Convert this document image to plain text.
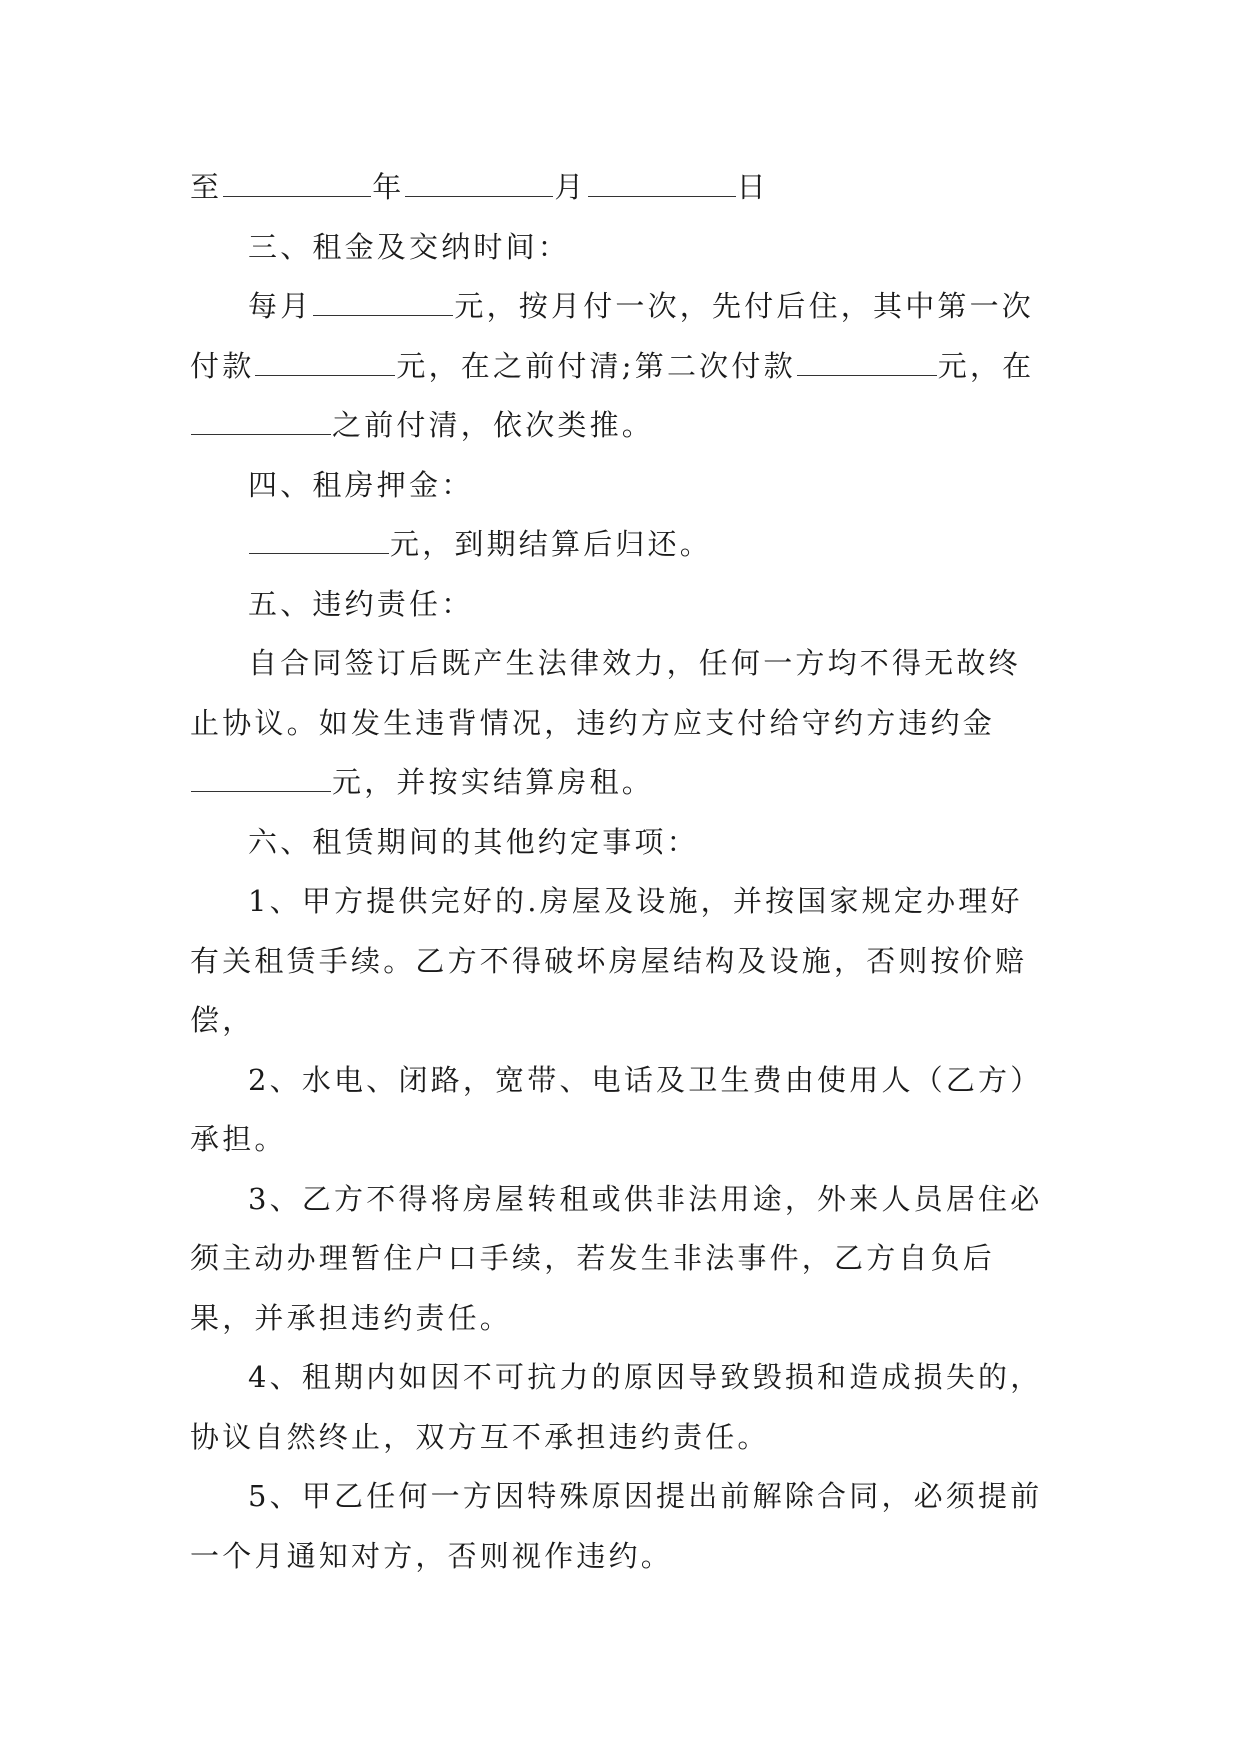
至	年	月	日

三、租金及交纳时间：

每月	元，按月付一次，先付后住，其中第一次付款	元，在之前付清;第二次付款	元，在之前付清，依次类推。

四、租房押金：

元，到期结算后归还。

五、违约责任：

自合同签订后既产生法律效力，任何一方均不得无故终止协议。如发生违背情况，违约方应支付给守约方违约金元，并按实结算房租。

六、租赁期间的其他约定事项：

1、甲方提供完好的.房屋及设施，并按国家规定办理好有关租赁手续。乙方不得破坏房屋结构及设施，否则按价赔偿，

2、水电、闭路，宽带、电话及卫生费由使用人（乙方）承担。

3、乙方不得将房屋转租或供非法用途，外来人员居住必须主动办理暂住户口手续，若发生非法事件，乙方自负后果，并承担违约责任。

4、租期内如因不可抗力的原因导致毁损和造成损失的，协议自然终止，双方互不承担违约责任。

5、甲乙任何一方因特殊原因提出前解除合同，必须提前一个月通知对方，否则视作违约。
